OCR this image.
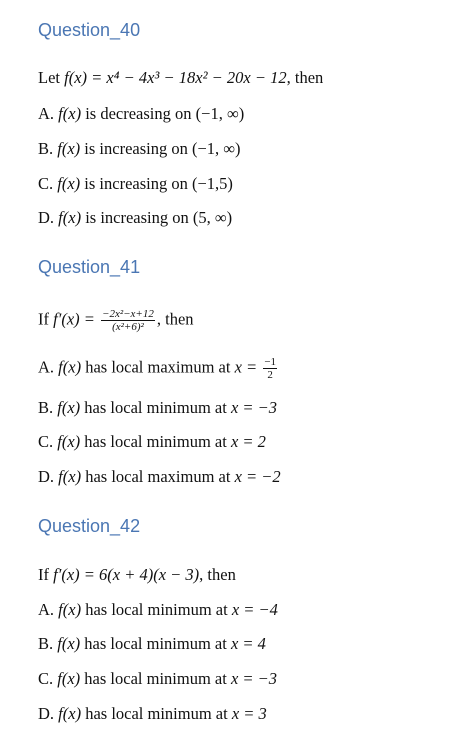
Question_40
Let f(x) = x⁴ − 4x³ − 18x² − 20x − 12, then
A. f(x) is decreasing on (−1, ∞)
B. f(x) is increasing on (−1, ∞)
C. f(x) is increasing on (−1,5)
D. f(x) is increasing on (5, ∞)
Question_41
If $f'(x) = \frac{\text{−2x²−x+12}}{\text{(x²+6)²}}$ , then
A. f(x) has local maximum at $x = \frac{-1}{2}$
B. f(x) has local minimum at x = −3
C. f(x) has local minimum at x = 2
D. f(x) has local maximum at x = −2
Question_42
If f′(x) = 6(x + 4)(x − 3), then
A. f(x) has local minimum at x = −4
B. f(x) has local minimum at x = 4
C. f(x) has local minimum at x = −3
D. f(x) has local minimum at x = 3
